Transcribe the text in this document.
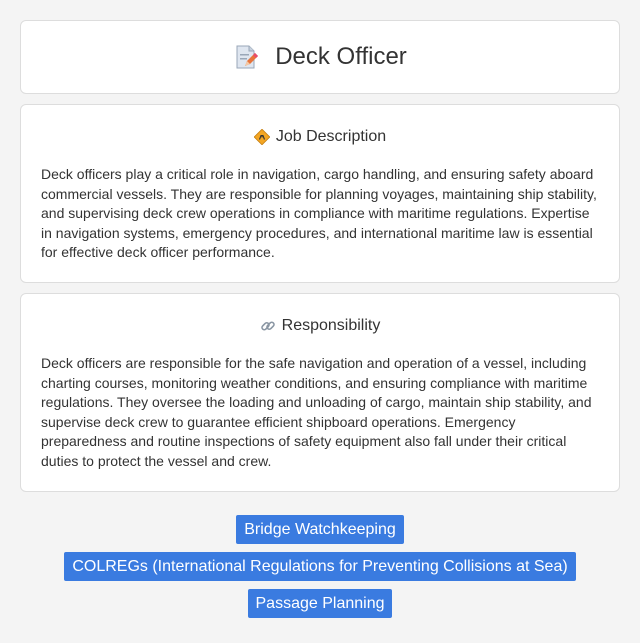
Deck Officer
Job Description

Deck officers play a critical role in navigation, cargo handling, and ensuring safety aboard commercial vessels. They are responsible for planning voyages, maintaining ship stability, and supervising deck crew operations in compliance with maritime regulations. Expertise in navigation systems, emergency procedures, and international maritime law is essential for effective deck officer performance.

Responsibility

Deck officers are responsible for the safe navigation and operation of a vessel, including charting courses, monitoring weather conditions, and ensuring compliance with maritime regulations. They oversee the loading and unloading of cargo, maintain ship stability, and supervise deck crew to guarantee efficient shipboard operations. Emergency preparedness and routine inspections of safety equipment also fall under their critical duties to protect the vessel and crew.

Bridge Watchkeeping
COLREGs (International Regulations for Preventing Collisions at Sea)
Passage Planning
